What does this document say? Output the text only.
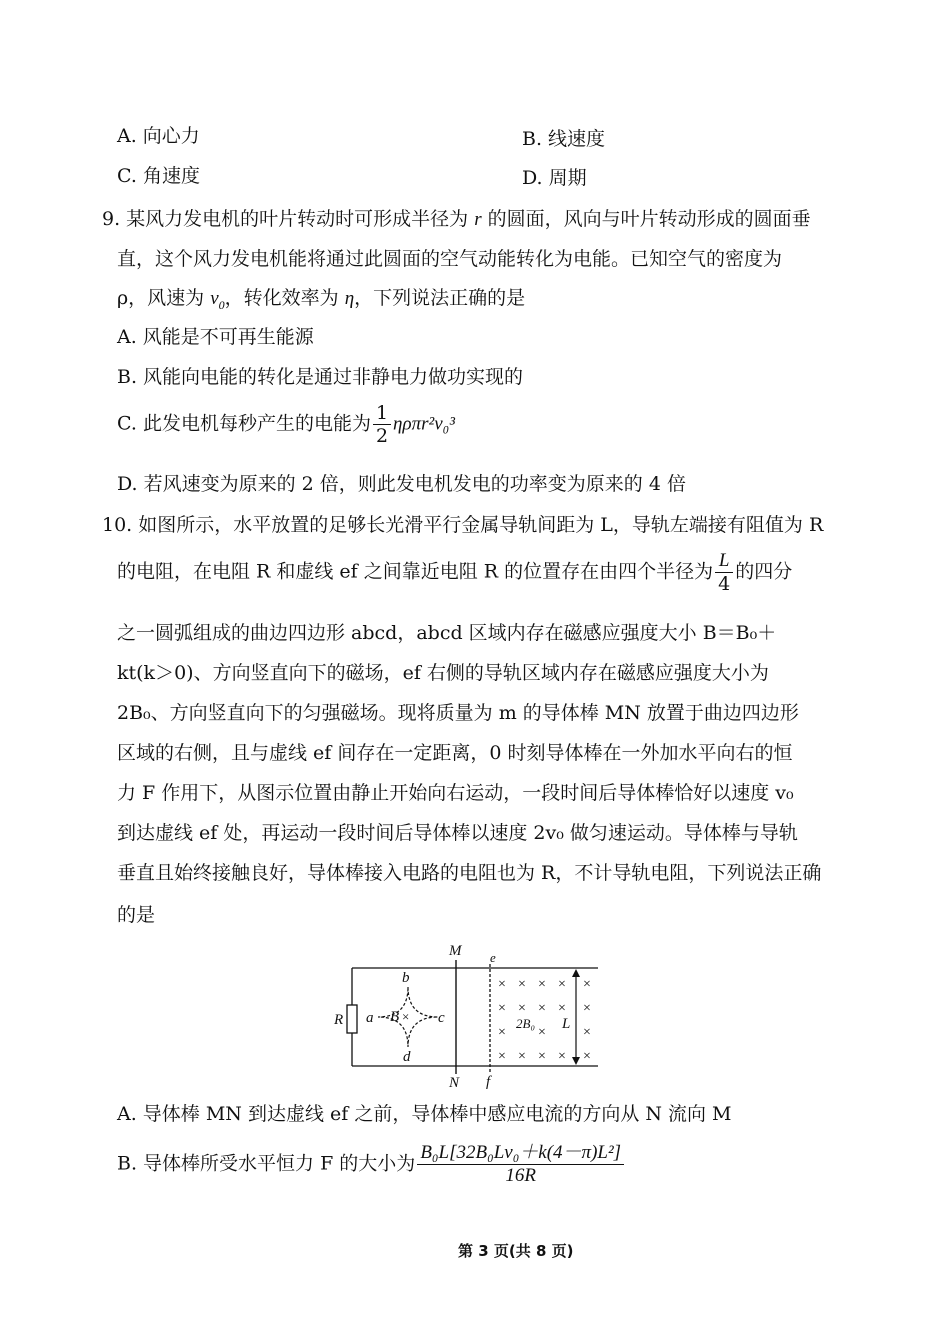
A. 向心力	B. 线速度
C. 角速度	D. 周期
9. 某风力发电机的叶片转动时可形成半径为 r 的圆面，风向与叶片转动形成的圆面垂
直，这个风力发电机能将通过此圆面的空气动能转化为电能。已知空气的密度为
ρ，风速为 $v_0$，转化效率为 η，下列说法正确的是
A. 风能是不可再生能源
B. 风能向电能的转化是通过非静电力做功实现的
C. 此发电机每秒产生的电能为 $\frac{1}{2} \eta\rho\pi r^2v_0^3$
D. 若风速变为原来的 2 倍，则此发电机发电的功率变为原来的 4 倍
10. 如图所示，水平放置的足够长光滑平行金属导轨间距为 L，导轨左端接有阻值为 R
的电阻，在电阻 R 和虚线 ef 之间靠近电阻 R 的位置存在由四个半径为 $\frac{L}{4}$ 的四分
之一圆弧组成的曲边四边形 abcd，abcd 区域内存在磁感应强度大小 B＝B₀＋
kt(k＞0)、方向竖直向下的磁场，ef 右侧的导轨区域内存在磁感应强度大小为
2B₀、方向竖直向下的匀强磁场。现将质量为 m 的导体棒 MN 放置于曲边四边形
区域的右侧，且与虚线 ef 间存在一定距离，0 时刻导体棒在一外加水平向右的恒
力 F 作用下，从图示位置由静止开始向右运动，一段时间后导体棒恰好以速度 v₀
到达虚线 ef 处，再运动一段时间后导体棒以速度 2v₀ 做匀速运动。导体棒与导轨
垂直且始终接触良好，导体棒接入电路的电阻也为 R，不计导轨电阻，下列说法正确
的是
R a
b
c
d
B ×
M
N
e
f
× × × × ×
× × × × ×
× ×	×
× × × × ×
2B₀ L
A. 导体棒 MN 到达虚线 ef 之前，导体棒中感应电流的方向从 N 流向 M
B. 导体棒所受水平恒力 F 的大小为 $\frac{\text{B₀L[32B₀Lv₀＋k(4－π)L²]}}{16R}$
第 3 页(共 8 页)
